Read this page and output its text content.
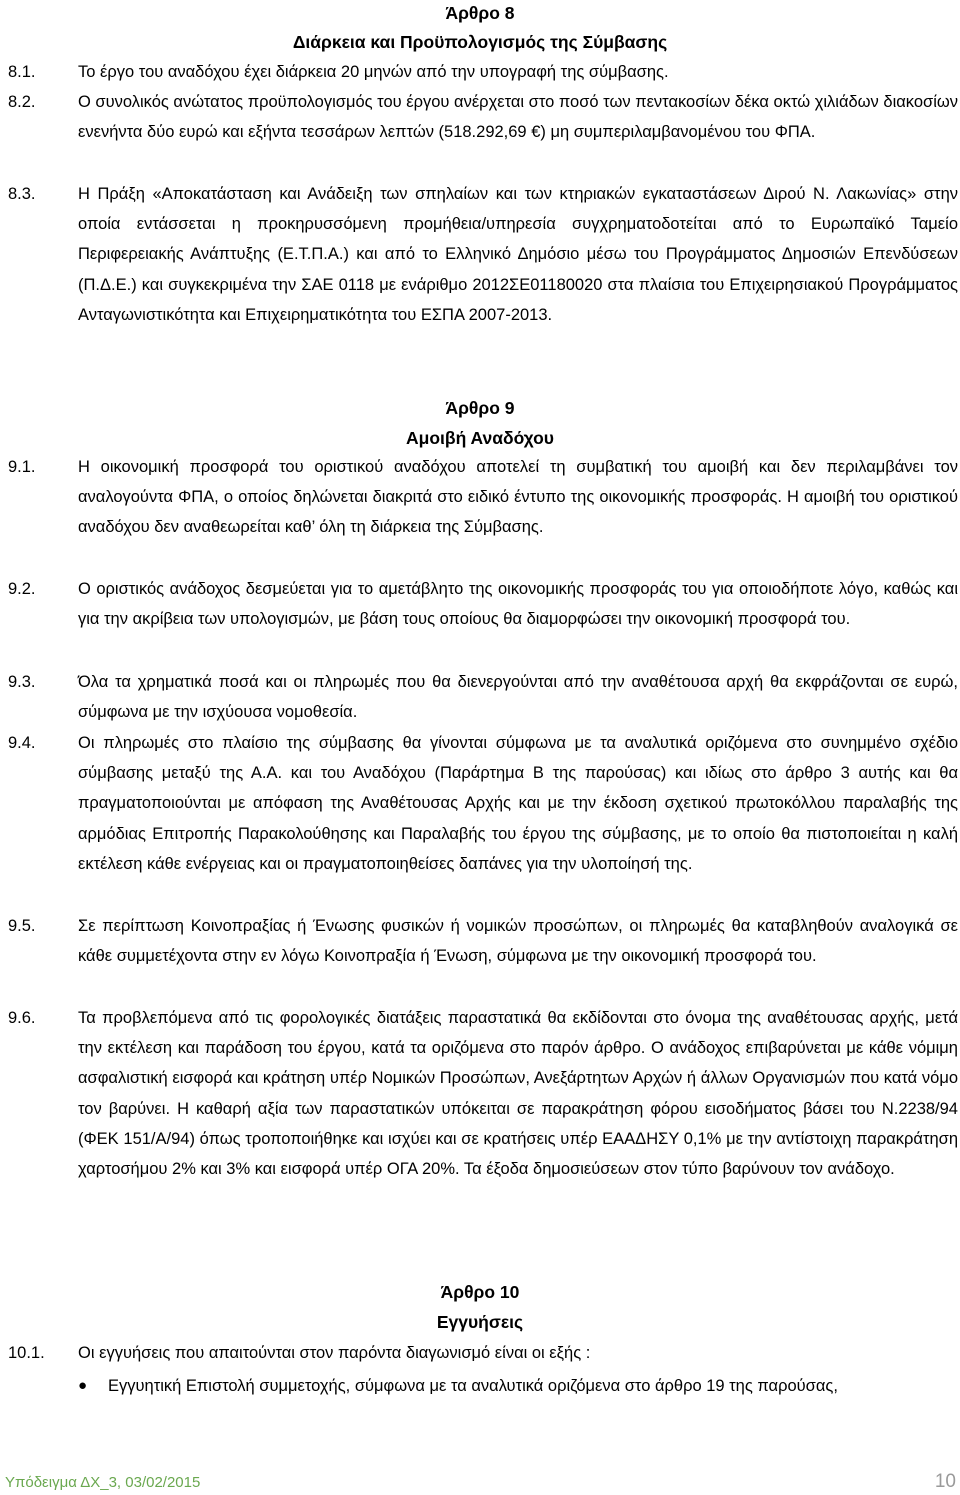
Άρθρο 8
Διάρκεια και Προϋπολογισμός της Σύμβασης
8.1.	Το έργο του αναδόχου έχει διάρκεια 20 μηνών από την υπογραφή της σύμβασης.

8.2.	Ο συνολικός ανώτατος προϋπολογισμός του έργου ανέρχεται στο ποσό των πεντακοσίων δέκα οκτώ χιλιάδων διακοσίων ενενήντα δύο ευρώ και εξήντα τεσσάρων λεπτών (518.292,69 €) μη συμπεριλαμβανομένου του ΦΠΑ.

8.3.	Η Πράξη «Αποκατάσταση και Ανάδειξη των σπηλαίων και των κτηριακών εγκαταστάσεων Διρού Ν. Λακωνίας» στην οποία εντάσσεται η προκηρυσσόμενη προμήθεια/υπηρεσία συγχρηματοδοτείται από το Ευρωπαϊκό Ταμείο Περιφερειακής Ανάπτυξης (Ε.Τ.Π.Α.) και από το Ελληνικό Δημόσιο μέσω του Προγράμματος Δημοσιών Επενδύσεων (Π.Δ.Ε.) και συγκεκριμένα την ΣΑΕ 0118 με ενάριθμο 2012ΣΕ01180020 στα πλαίσια του Επιχειρησιακού Προγράμματος Ανταγωνιστικότητα και Επιχειρηματικότητα του ΕΣΠΑ 2007-2013.

Άρθρο 9
Αμοιβή Αναδόχου
9.1.	Η οικονομική προσφορά του οριστικού αναδόχου αποτελεί τη συμβατική του αμοιβή και δεν περιλαμβάνει τον αναλογούντα ΦΠΑ, ο οποίος δηλώνεται διακριτά στο ειδικό έντυπο της οικονομικής προσφοράς. Η αμοιβή του οριστικού αναδόχου δεν αναθεωρείται καθ’ όλη τη διάρκεια της Σύμβασης.

9.2.	Ο οριστικός ανάδοχος δεσμεύεται για το αμετάβλητο της οικονομικής προσφοράς του για οποιοδήποτε λόγο, καθώς και για την ακρίβεια των υπολογισμών, με βάση τους οποίους θα διαμορφώσει την οικονομική προσφορά του.

9.3.	Όλα τα χρηματικά ποσά και οι πληρωμές που θα διενεργούνται από την αναθέτουσα αρχή θα εκφράζονται σε ευρώ, σύμφωνα με την ισχύουσα νομοθεσία.

9.4.	Οι πληρωμές στο πλαίσιο της σύμβασης θα γίνονται σύμφωνα με τα αναλυτικά οριζόμενα στο συνημμένο σχέδιο σύμβασης μεταξύ της Α.Α. και του Αναδόχου (Παράρτημα Β της παρούσας) και ιδίως στο άρθρο 3 αυτής και θα πραγματοποιούνται με απόφαση της Αναθέτουσας Αρχής και με την έκδοση σχετικού πρωτοκόλλου παραλαβής της αρμόδιας Επιτροπής Παρακολούθησης και Παραλαβής του έργου της σύμβασης, με το οποίο θα πιστοποιείται η καλή εκτέλεση κάθε ενέργειας και οι πραγματοποιηθείσες δαπάνες για την υλοποίησή της.

9.5.	Σε περίπτωση Κοινοπραξίας ή Ένωσης φυσικών ή νομικών προσώπων, οι πληρωμές θα καταβληθούν αναλογικά σε κάθε συμμετέχοντα στην εν λόγω Κοινοπραξία ή Ένωση, σύμφωνα με την οικονομική προσφορά του.

9.6.	Τα προβλεπόμενα από τις φορολογικές διατάξεις παραστατικά θα εκδίδονται στο όνομα της αναθέτουσας αρχής, μετά την εκτέλεση και παράδοση του έργου, κατά τα οριζόμενα στο παρόν άρθρο. Ο ανάδοχος επιβαρύνεται με κάθε νόμιμη ασφαλιστική εισφορά και κράτηση υπέρ Νομικών Προσώπων, Ανεξάρτητων Αρχών ή άλλων Οργανισμών που κατά νόμο τον βαρύνει. Η καθαρή αξία των παραστατικών υπόκειται σε παρακράτηση φόρου εισοδήματος βάσει του Ν.2238/94 (ΦΕΚ 151/Α/94) όπως τροποποιήθηκε και ισχύει και σε κρατήσεις υπέρ ΕΑΑΔΗΣΥ 0,1% με την αντίστοιχη παρακράτηση χαρτοσήμου 2% και 3% και εισφορά υπέρ ΟΓΑ 20%. Τα έξοδα δημοσιεύσεων στον τύπο βαρύνουν τον ανάδοχο.

Άρθρο 10
Εγγυήσεις
10.1.	Οι εγγυήσεις που απαιτούνται στον παρόντα διαγωνισμό είναι οι εξής :

●	Εγγυητική Επιστολή συμμετοχής, σύμφωνα με τα αναλυτικά οριζόμενα στο άρθρο 19 της παρούσας,

Υπόδειγμα ΔΧ_3, 03/02/2015	10
